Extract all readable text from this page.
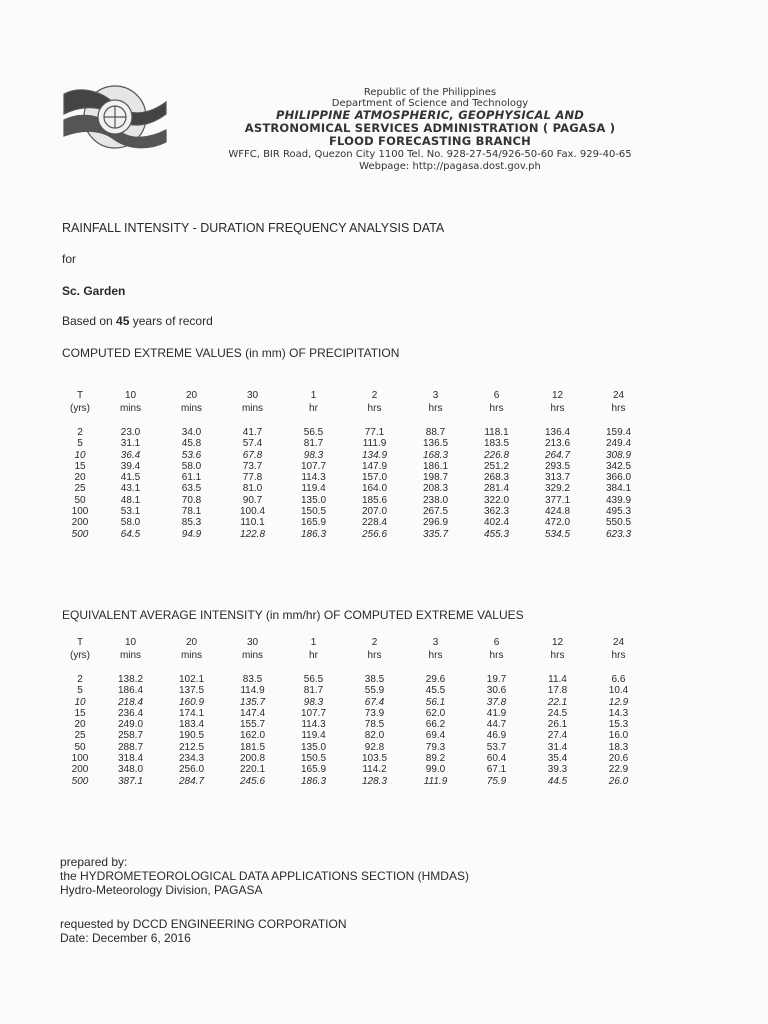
Republic of the Philippines
Department of Science and Technology
PHILIPPINE ATMOSPHERIC, GEOPHYSICAL AND
ASTRONOMICAL SERVICES ADMINISTRATION ( PAGASA )
FLOOD FORECASTING BRANCH
WFFC, BIR Road, Quezon City 1100 Tel. No. 928-27-54/926-50-60 Fax. 929-40-65
Webpage: http://pagasa.dost.gov.ph
RAINFALL INTENSITY - DURATION FREQUENCY ANALYSIS DATA
for
Sc. Garden
Based on 45 years of record
COMPUTED EXTREME VALUES (in mm) OF PRECIPITATION
T	10	20	30	1	2	3	6	12	24
(yrs)	mins	mins	mins	hr	hrs	hrs	hrs	hrs	hrs

2	23.0	34.0	41.7	56.5	77.1	88.7	118.1	136.4	159.4
5	31.1	45.8	57.4	81.7	111.9	136.5	183.5	213.6	249.4
10	36.4	53.6	67.8	98.3	134.9	168.3	226.8	264.7	308.9
15	39.4	58.0	73.7	107.7	147.9	186.1	251.2	293.5	342.5
20	41.5	61.1	77.8	114.3	157.0	198.7	268.3	313.7	366.0
25	43.1	63.5	81.0	119.4	164.0	208.3	281.4	329.2	384.1
50	48.1	70.8	90.7	135.0	185.6	238.0	322.0	377.1	439.9
100	53.1	78.1	100.4	150.5	207.0	267.5	362.3	424.8	495.3
200	58.0	85.3	110.1	165.9	228.4	296.9	402.4	472.0	550.5
500	64.5	94.9	122.8	186.3	256.6	335.7	455.3	534.5	623.3
EQUIVALENT AVERAGE INTENSITY (in mm/hr) OF COMPUTED EXTREME VALUES
T	10	20	30	1	2	3	6	12	24
(yrs)	mins	mins	mins	hr	hrs	hrs	hrs	hrs	hrs

2	138.2	102.1	83.5	56.5	38.5	29.6	19.7	11.4	6.6
5	186.4	137.5	114.9	81.7	55.9	45.5	30.6	17.8	10.4
10	218.4	160.9	135.7	98.3	67.4	56.1	37.8	22.1	12.9
15	236.4	174.1	147.4	107.7	73.9	62.0	41.9	24.5	14.3
20	249.0	183.4	155.7	114.3	78.5	66.2	44.7	26.1	15.3
25	258.7	190.5	162.0	119.4	82.0	69.4	46.9	27.4	16.0
50	288.7	212.5	181.5	135.0	92.8	79.3	53.7	31.4	18.3
100	318.4	234.3	200.8	150.5	103.5	89.2	60.4	35.4	20.6
200	348.0	256.0	220.1	165.9	114.2	99.0	67.1	39.3	22.9
500	387.1	284.7	245.6	186.3	128.3	111.9	75.9	44.5	26.0
prepared by:
the HYDROMETEOROLOGICAL DATA APPLICATIONS SECTION (HMDAS)
Hydro-Meteorology Division, PAGASA
requested by DCCD ENGINEERING CORPORATION
Date: December 6, 2016
